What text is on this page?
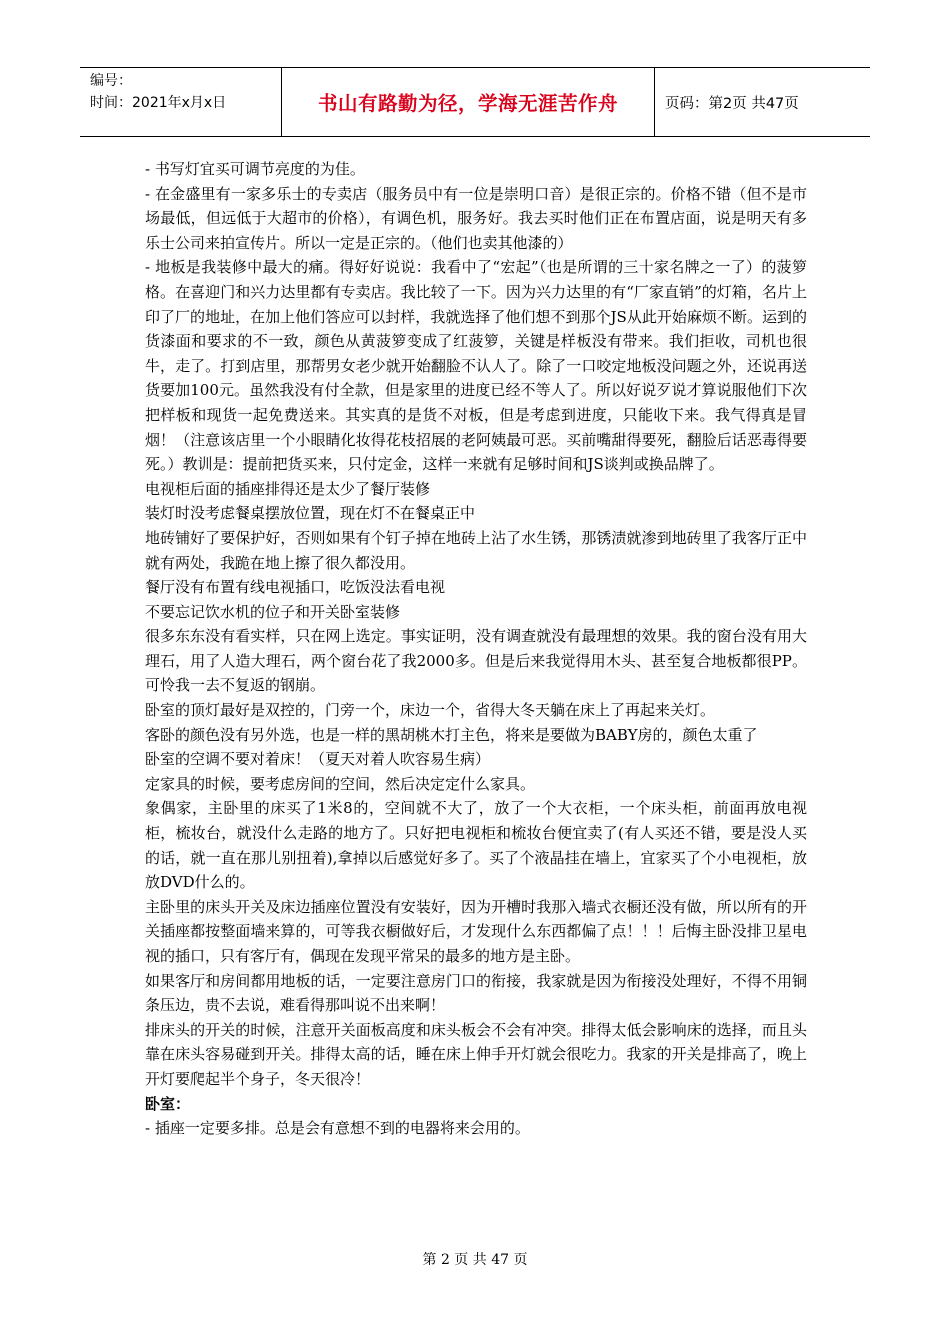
编号：
时间：2021年x月x日	书山有路勤为径，学海无涯苦作舟	页码：第2页 共47页

- 书写灯宜买可调节亮度的为佳。

- 在金盛里有一家多乐士的专卖店（服务员中有一位是崇明口音）是很正宗的。价格不错（但不是市场最低，但远低于大超市的价格），有调色机，服务好。我去买时他们正在布置店面，说是明天有多乐士公司来拍宣传片。所以一定是正宗的。（他们也卖其他漆的）

- 地板是我装修中最大的痛。得好好说说：我看中了“宏起”（也是所谓的三十家名牌之一了）的菠箩格。在喜迎门和兴力达里都有专卖店。我比较了一下。因为兴力达里的有“厂家直销”的灯箱，名片上印了厂的地址，在加上他们答应可以封样，我就选择了他们想不到那个JS从此开始麻烦不断。运到的货漆面和要求的不一致，颜色从黄菠箩变成了红菠箩，关键是样板没有带来。我们拒收，司机也很牛，走了。打到店里，那帮男女老少就开始翻脸不认人了。除了一口咬定地板没问题之外，还说再送货要加100元。虽然我没有付全款，但是家里的进度已经不等人了。所以好说歹说才算说服他们下次把样板和现货一起免费送来。其实真的是货不对板，但是考虑到进度，只能收下来。我气得真是冒烟！（注意该店里一个小眼睛化妆得花枝招展的老阿姨最可恶。买前嘴甜得要死，翻脸后话恶毒得要死。）教训是：提前把货买来，只付定金，这样一来就有足够时间和JS谈判或换品牌了。

电视柜后面的插座排得还是太少了餐厅装修

装灯时没考虑餐桌摆放位置，现在灯不在餐桌正中

地砖铺好了要保护好，否则如果有个钉子掉在地砖上沾了水生锈，那锈渍就渗到地砖里了我客厅正中就有两处，我跪在地上擦了很久都没用。

餐厅没有布置有线电视插口，吃饭没法看电视

不要忘记饮水机的位子和开关卧室装修

很多东东没有看实样，只在网上选定。事实证明，没有调查就没有最理想的效果。我的窗台没有用大理石，用了人造大理石，两个窗台花了我2000多。但是后来我觉得用木头、甚至复合地板都很PP。可怜我一去不复返的钢崩。

卧室的顶灯最好是双控的，门旁一个，床边一个，省得大冬天躺在床上了再起来关灯。

客卧的颜色没有另外选，也是一样的黑胡桃木打主色，将来是要做为BABY房的，颜色太重了

卧室的空调不要对着床！（夏天对着人吹容易生病）

定家具的时候，要考虑房间的空间，然后决定定什么家具。

象偶家，主卧里的床买了1米8的，空间就不大了，放了一个大衣柜，一个床头柜，前面再放电视柜，梳妆台，就没什么走路的地方了。只好把电视柜和梳妆台便宜卖了(有人买还不错，要是没人买的话，就一直在那儿别扭着),拿掉以后感觉好多了。买了个液晶挂在墙上，宜家买了个小电视柜，放放DVD什么的。

主卧里的床头开关及床边插座位置没有安装好，因为开槽时我那入墙式衣橱还没有做，所以所有的开关插座都按整面墙来算的，可等我衣橱做好后，才发现什么东西都偏了点！！！后悔主卧没排卫星电视的插口，只有客厅有，偶现在发现平常呆的最多的地方是主卧。

如果客厅和房间都用地板的话，一定要注意房门口的衔接，我家就是因为衔接没处理好，不得不用铜条压边，贵不去说，难看得那叫说不出来啊！

排床头的开关的时候，注意开关面板高度和床头板会不会有冲突。排得太低会影响床的选择，而且头靠在床头容易碰到开关。排得太高的话，睡在床上伸手开灯就会很吃力。我家的开关是排高了，晚上开灯要爬起半个身子，冬天很冷！

卧室：

- 插座一定要多排。总是会有意想不到的电器将来会用的。

第 2 页 共 47 页
